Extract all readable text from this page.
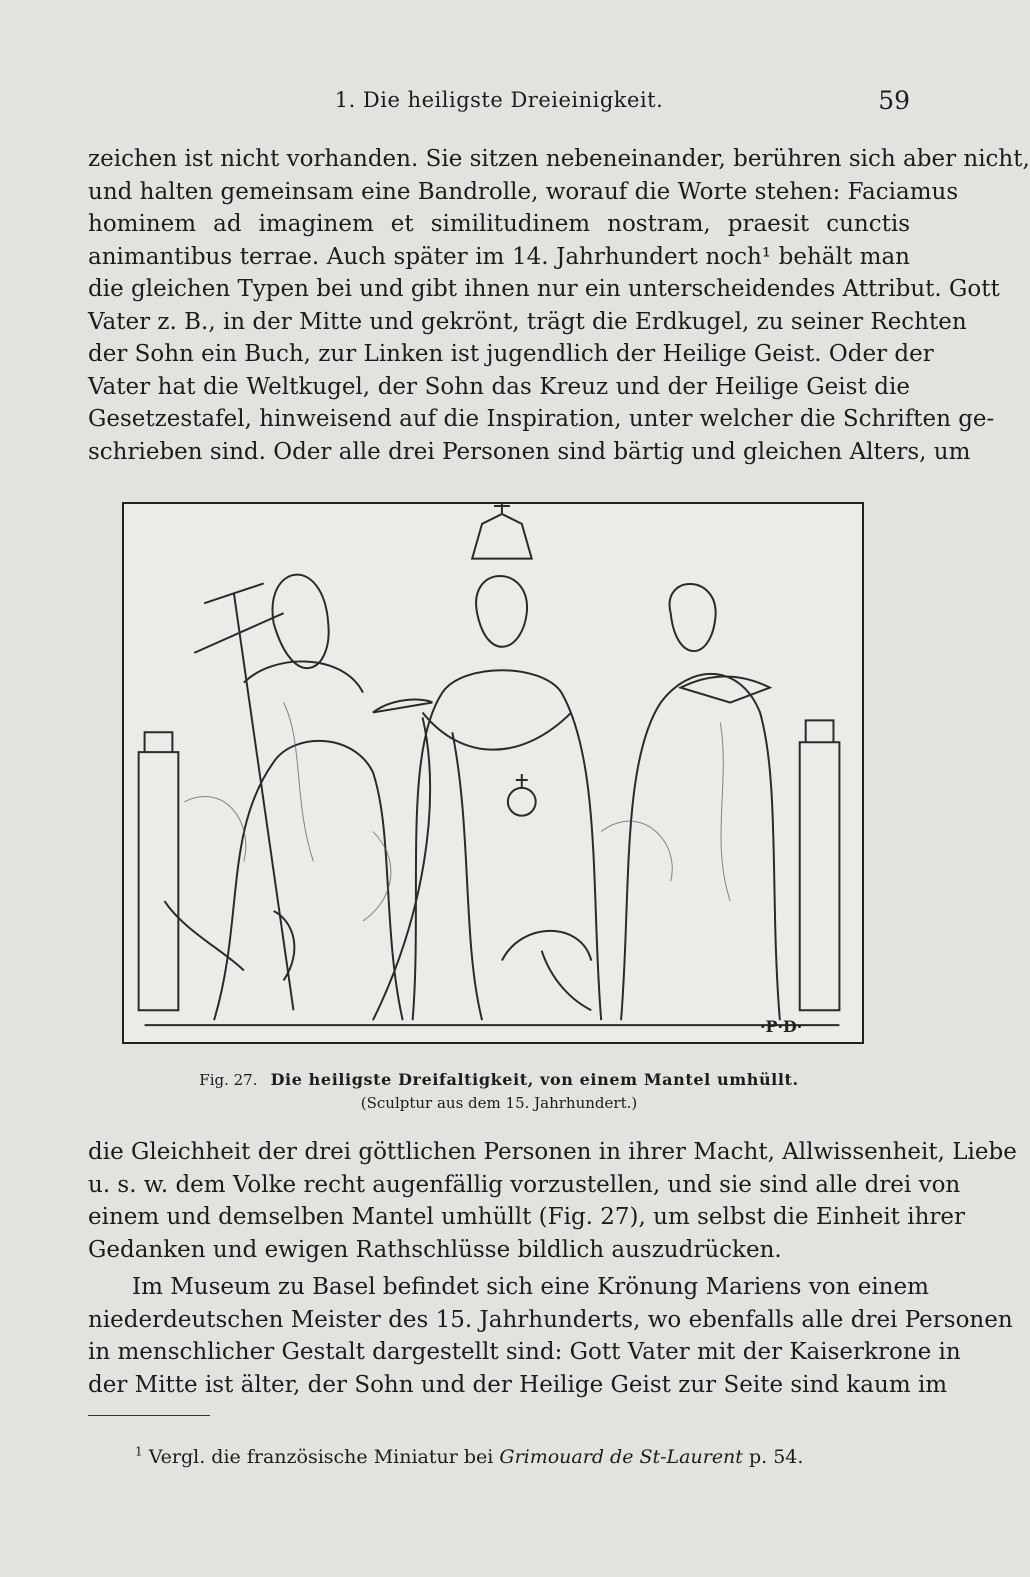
1. Die heiligste Dreieinigkeit.	59
zeichen ist nicht vorhanden. Sie sitzen nebeneinander, berühren sich aber nicht,
und halten gemeinsam eine Bandrolle, worauf die Worte stehen: Faciamus
hominem ad imaginem et similitudinem nostram, praesit cunctis
animantibus terrae. Auch später im 14. Jahrhundert noch¹ behält man
die gleichen Typen bei und gibt ihnen nur ein unterscheidendes Attribut. Gott
Vater z. B., in der Mitte und gekrönt, trägt die Erdkugel, zu seiner Rechten
der Sohn ein Buch, zur Linken ist jugendlich der Heilige Geist. Oder der
Vater hat die Weltkugel, der Sohn das Kreuz und der Heilige Geist die
Gesetzestafel, hinweisend auf die Inspiration, unter welcher die Schriften ge-
schrieben sind. Oder alle drei Personen sind bärtig und gleichen Alters, um
·P·D·
Fig. 27. Die heiligste Dreifaltigkeit, von einem Mantel umhüllt.
(Sculptur aus dem 15. Jahrhundert.)
die Gleichheit der drei göttlichen Personen in ihrer Macht, Allwissenheit, Liebe
u. s. w. dem Volke recht augenfällig vorzustellen, und sie sind alle drei von
einem und demselben Mantel umhüllt (Fig. 27), um selbst die Einheit ihrer
Gedanken und ewigen Rathschlüsse bildlich auszudrücken.
Im Museum zu Basel befindet sich eine Krönung Mariens von einem
niederdeutschen Meister des 15. Jahrhunderts, wo ebenfalls alle drei Personen
in menschlicher Gestalt dargestellt sind: Gott Vater mit der Kaiserkrone in
der Mitte ist älter, der Sohn und der Heilige Geist zur Seite sind kaum im
$^1$ Vergl. die französische Miniatur bei Grimouard de St-Laurent p. 54.
